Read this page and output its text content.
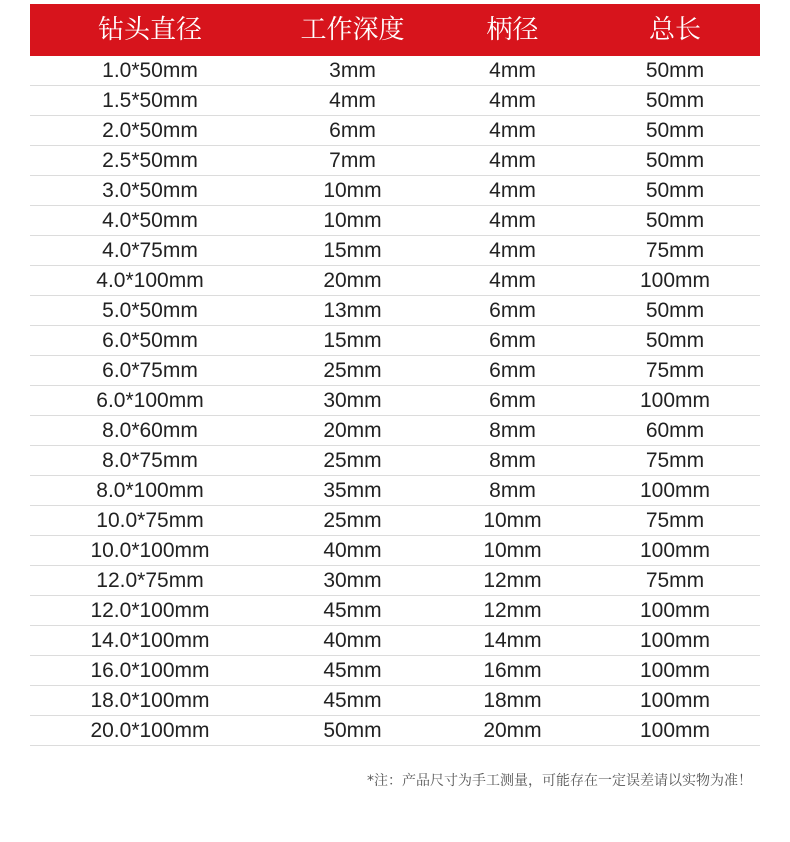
钻头直径	工作深度	柄径	总长
1.0*50mm	3mm	4mm	50mm
1.5*50mm	4mm	4mm	50mm
2.0*50mm	6mm	4mm	50mm
2.5*50mm	7mm	4mm	50mm
3.0*50mm	10mm	4mm	50mm
4.0*50mm	10mm	4mm	50mm
4.0*75mm	15mm	4mm	75mm
4.0*100mm	20mm	4mm	100mm
5.0*50mm	13mm	6mm	50mm
6.0*50mm	15mm	6mm	50mm
6.0*75mm	25mm	6mm	75mm
6.0*100mm	30mm	6mm	100mm
8.0*60mm	20mm	8mm	60mm
8.0*75mm	25mm	8mm	75mm
8.0*100mm	35mm	8mm	100mm
10.0*75mm	25mm	10mm	75mm
10.0*100mm	40mm	10mm	100mm
12.0*75mm	30mm	12mm	75mm
12.0*100mm	45mm	12mm	100mm
14.0*100mm	40mm	14mm	100mm
16.0*100mm	45mm	16mm	100mm
18.0*100mm	45mm	18mm	100mm
20.0*100mm	50mm	20mm	100mm
*注：产品尺寸为手工测量，可能存在一定误差请以实物为准！
